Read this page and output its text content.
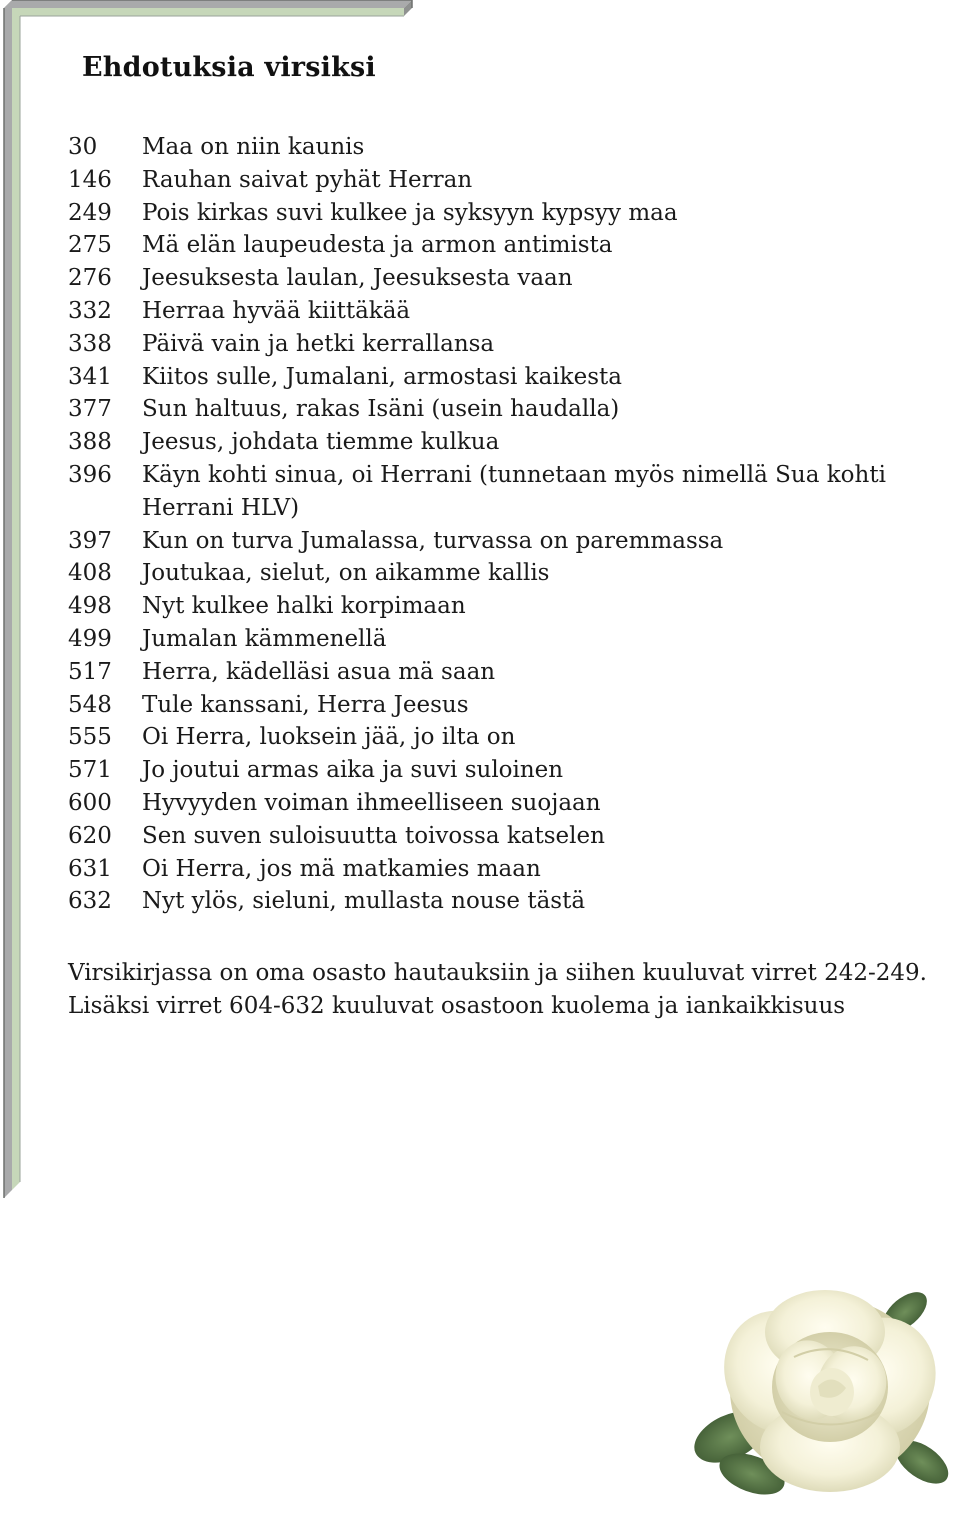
Ehdotuksia virsiksi
30	Maa on niin kaunis
146	Rauhan saivat pyhät Herran
249	Pois kirkas suvi kulkee ja syksyyn kypsyy maa
275	Mä elän laupeudesta ja armon antimista
276	Jeesuksesta laulan, Jeesuksesta vaan
332	Herraa hyvää kiittäkää
338	Päivä vain ja hetki kerrallansa
341	Kiitos sulle, Jumalani, armostasi kaikesta
377	Sun haltuus, rakas Isäni (usein haudalla)
388	Jeesus, johdata tiemme kulkua
396	Käyn kohti sinua, oi Herrani (tunnetaan myös nimellä Sua kohti Herrani HLV)
397	Kun on turva Jumalassa, turvassa on paremmassa
408	Joutukaa, sielut, on aikamme kallis
498	Nyt kulkee halki korpimaan
499	Jumalan kämmenellä
517	Herra, kädelläsi asua mä saan
548	Tule kanssani, Herra Jeesus
555	Oi Herra, luoksein jää, jo ilta on
571	Jo joutui armas aika ja suvi suloinen
600	Hyvyyden voiman ihmeelliseen suojaan
620	Sen suven suloisuutta toivossa katselen
631	Oi Herra, jos mä matkamies maan
632	Nyt ylös, sieluni, mullasta nouse tästä

Virsikirjassa on oma osasto hautauksiin ja siihen kuuluvat virret 242-249.

Lisäksi virret 604-632 kuuluvat osastoon kuolema ja iankaikkisuus
